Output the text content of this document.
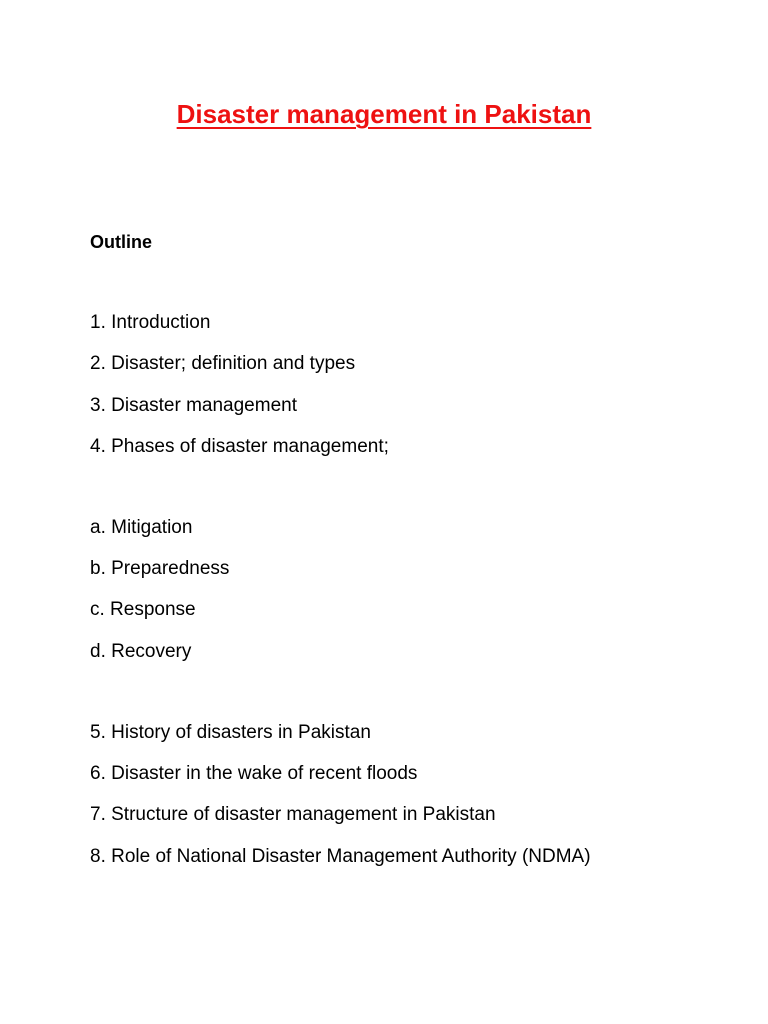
Disaster management in Pakistan
Outline
1. Introduction
2. Disaster; definition and types
3. Disaster management
4. Phases of disaster management;
a. Mitigation
b. Preparedness
c. Response
d. Recovery
5. History of disasters in Pakistan
6. Disaster in the wake of recent floods
7. Structure of disaster management in Pakistan
8. Role of National Disaster Management Authority (NDMA)
